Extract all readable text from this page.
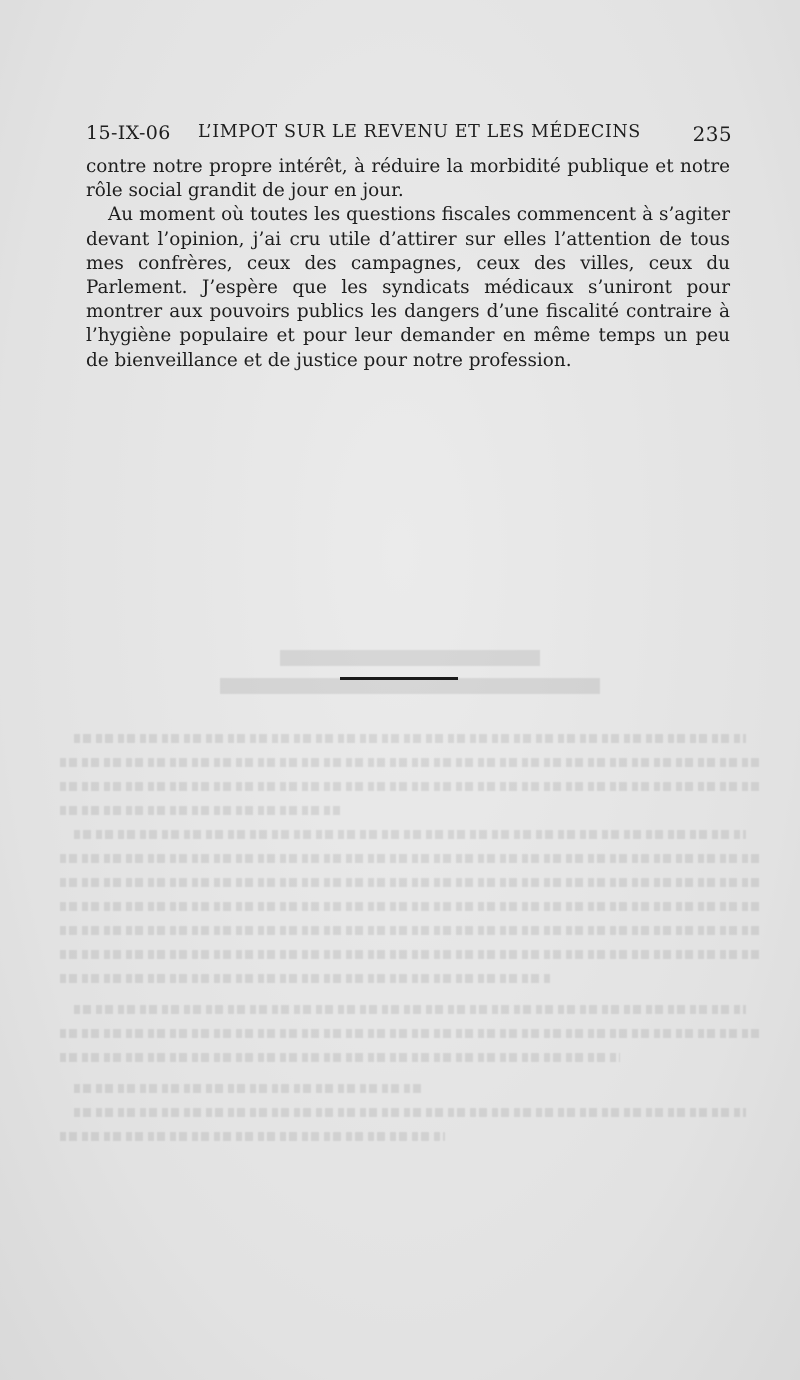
15-IX-06 L’IMPOT SUR LE REVENU ET LES MÉDECINS	235

contre notre propre intérêt, à réduire la morbidité publique et notre rôle social grandit de jour en jour.

Au moment où toutes les questions fiscales commencent à s’agiter devant l’opinion, j’ai cru utile d’attirer sur elles l’attention de tous mes confrères, ceux des campagnes, ceux des villes, ceux du Parlement. J’espère que les syndicats médicaux s’uniront pour montrer aux pouvoirs publics les dangers d’une fiscalité contraire à l’hygiène populaire et pour leur demander en même temps un peu de bienveillance et de justice pour notre profession.
